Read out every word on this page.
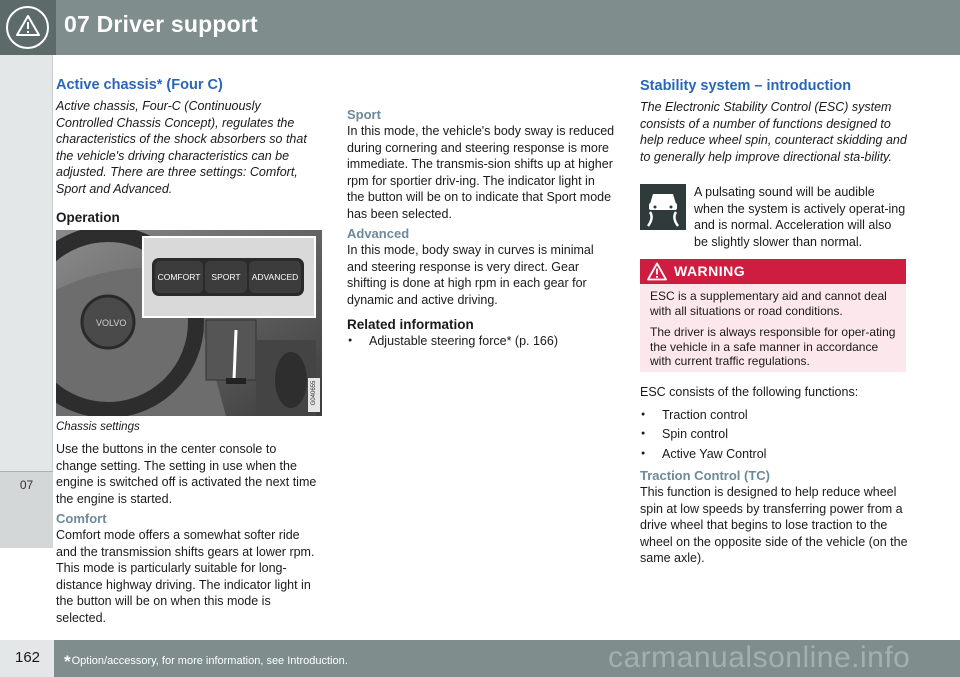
07 Driver support
07
Active chassis* (Four C)
Active chassis, Four-C (Continuously Controlled Chassis Concept), regulates the characteristics of the shock absorbers so that the vehicle's driving characteristics can be adjusted. There are three settings: Comfort, Sport and Advanced.
Operation
VOLVO
COMFORT	SPORT	ADVANCED
G040655
Chassis settings

Use the buttons in the center console to change setting. The setting in use when the engine is switched off is activated the next time the engine is started.

Comfort

Comfort mode offers a somewhat softer ride and the transmission shifts gears at lower rpm. This mode is particularly suitable for long-distance highway driving. The indicator light in the button will be on when this mode is selected.

Sport

In this mode, the vehicle's body sway is reduced during cornering and steering response is more immediate. The transmis-sion shifts up at higher rpm for sportier driv-ing. The indicator light in the button will be on to indicate that Sport mode has been selected.

Advanced

In this mode, body sway in curves is minimal and steering response is very direct. Gear shifting is done at high rpm in each gear for dynamic and active driving.

Related information
● Adjustable steering force* (p. 166)
Stability system – introduction
The Electronic Stability Control (ESC) system consists of a number of functions designed to help reduce wheel spin, counteract skidding and to generally help improve directional sta-bility.

A pulsating sound will be audible when the system is actively operat-ing and is normal. Acceleration will also be slightly slower than normal.

WARNING

ESC is a supplementary aid and cannot deal with all situations or road conditions.

The driver is always responsible for oper-ating the vehicle in a safe manner in accordance with current traffic regulations.

ESC consists of the following functions:

● Traction control
● Spin control
● Active Yaw Control
Traction Control (TC)

This function is designed to help reduce wheel spin at low speeds by transferring power from a drive wheel that begins to lose traction to the wheel on the opposite side of the vehicle (on the same axle).

162 *Option/accessory, for more information, see Introduction.	carmanualsonline.info
